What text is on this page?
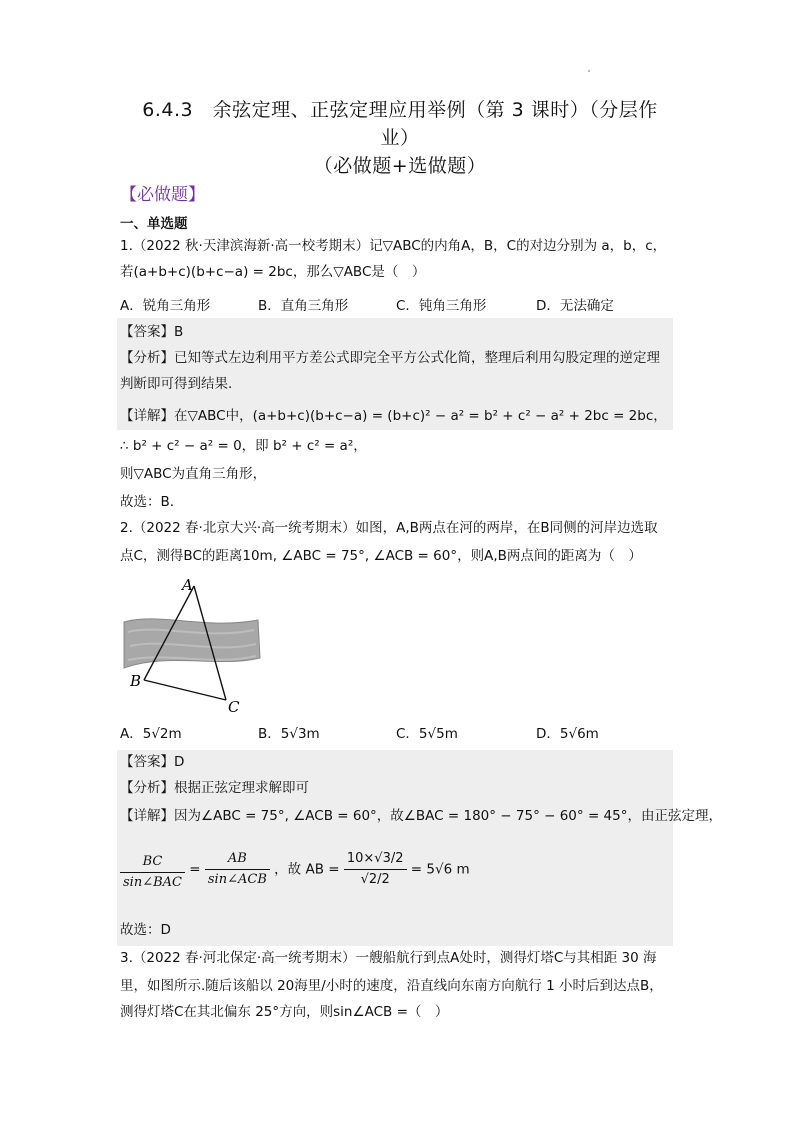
6.4.3　余弦定理、正弦定理应用举例（第 3 课时）（分层作
业）
（必做题+选做题）
【必做题】
一、单选题
1.（2022 秋·天津滨海新·高一校考期末）记▽ABC的内角A，B，C的对边分别为 a，b，c，
若(a+b+c)(b+c−a) = 2bc，那么▽ABC是（　）
A．锐角三角形	B．直角三角形	C．钝角三角形	D．无法确定
【答案】B
【分析】已知等式左边利用平方差公式即完全平方公式化简，整理后利用勾股定理的逆定理
判断即可得到结果.
【详解】在▽ABC中，(a+b+c)(b+c−a) = (b+c)² − a² = b² + c² − a² + 2bc = 2bc，
∴ b² + c² − a² = 0，即 b² + c² = a²，
则▽ABC为直角三角形，
故选：B.
2.（2022 春·北京大兴·高一统考期末）如图，A,B两点在河的两岸，在B同侧的河岸边选取
点C，测得BC的距离10m, ∠ABC = 75°, ∠ACB = 60°，则A,B两点间的距离为（　）
A
B
C
A．5√2m	B．5√3m	C．5√5m	D．5√6m
【答案】D
【分析】根据正弦定理求解即可
【详解】因为∠ABC = 75°, ∠ACB = 60°，故∠BAC = 180° − 75° − 60° = 45°，由正弦定理，
$\frac{BC}{\text{sin∠BAC}} = \frac{AB}{\text{sin∠ACB}}$ ，故 AB = $\frac{10\times√3/2}{√2/2} = 5√6$ m
故选：D
3.（2022 春·河北保定·高一统考期末）一艘船航行到点A处时，测得灯塔C与其相距 30 海
里，如图所示.随后该船以 20海里/小时的速度，沿直线向东南方向航行 1 小时后到达点B，
测得灯塔C在其北偏东 25°方向，则sin∠ACB =（　）
